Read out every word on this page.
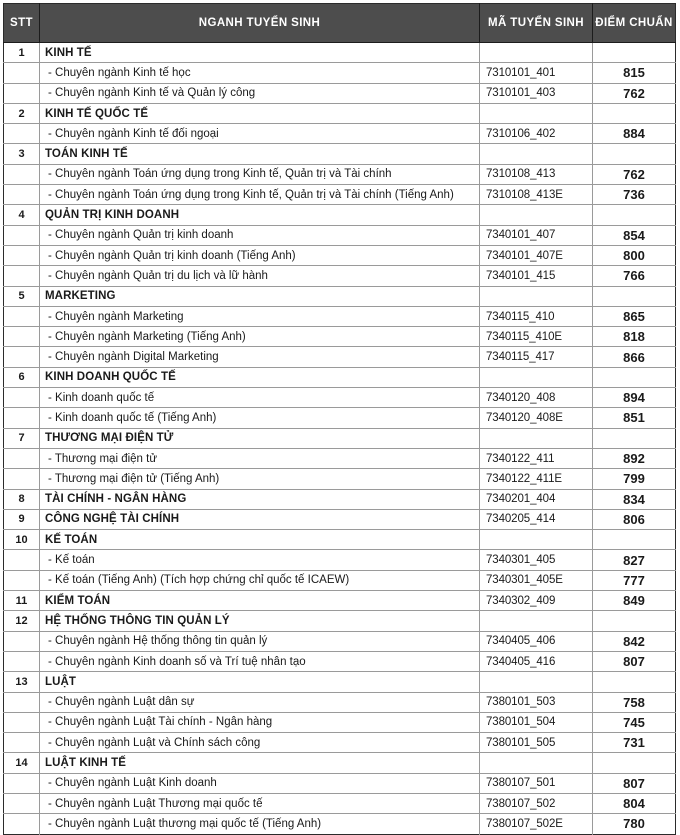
STT	NGANH TUYỂN SINH	MÃ TUYỂN SINH	ĐIỂM CHUẨN
1	KINH TẾ		
	- Chuyên ngành Kinh tế học	7310101_401	815
	- Chuyên ngành Kinh tế và Quản lý công	7310101_403	762
2	KINH TẾ QUỐC TẾ		
	- Chuyên ngành Kinh tế đối ngoại	7310106_402	884
3	TOÁN KINH TẾ		
	- Chuyên ngành Toán ứng dụng trong Kinh tế, Quản trị và Tài chính	7310108_413	762
	- Chuyên ngành Toán ứng dụng trong Kinh tế, Quản trị và Tài chính (Tiếng Anh)	7310108_413E	736
4	QUẢN TRỊ KINH DOANH		
	- Chuyên ngành Quản trị kinh doanh	7340101_407	854
	- Chuyên ngành Quản trị kinh doanh (Tiếng Anh)	7340101_407E	800
	- Chuyên ngành Quản trị du lịch và lữ hành	7340101_415	766
5	MARKETING		
	- Chuyên ngành Marketing	7340115_410	865
	- Chuyên ngành Marketing (Tiếng Anh)	7340115_410E	818
	- Chuyên ngành Digital Marketing	7340115_417	866
6	KINH DOANH QUỐC TẾ		
	- Kinh doanh quốc tế	7340120_408	894
	- Kinh doanh quốc tế (Tiếng Anh)	7340120_408E	851
7	THƯƠNG MẠI ĐIỆN TỬ		
	- Thương mại điện tử	7340122_411	892
	- Thương mại điện tử (Tiếng Anh)	7340122_411E	799
8	TÀI CHÍNH - NGÂN HÀNG	7340201_404	834
9	CÔNG NGHỆ TÀI CHÍNH	7340205_414	806
10	KẾ TOÁN		
	- Kế toán	7340301_405	827
	- Kế toán (Tiếng Anh) (Tích hợp chứng chỉ quốc tế ICAEW)	7340301_405E	777
11	KIỂM TOÁN	7340302_409	849
12	HỆ THỐNG THÔNG TIN QUẢN LÝ		
	- Chuyên ngành Hệ thống thông tin quản lý	7340405_406	842
	- Chuyên ngành Kinh doanh số và Trí tuệ nhân tạo	7340405_416	807
13	LUẬT		
	- Chuyên ngành Luật dân sự	7380101_503	758
	- Chuyên ngành Luật Tài chính - Ngân hàng	7380101_504	745
	- Chuyên ngành Luật và Chính sách công	7380101_505	731
14	LUẬT KINH TẾ		
	- Chuyên ngành Luật Kinh doanh	7380107_501	807
	- Chuyên ngành Luật Thương mại quốc tế	7380107_502	804
	- Chuyên ngành Luật thương mại quốc tế (Tiếng Anh)	7380107_502E	780
